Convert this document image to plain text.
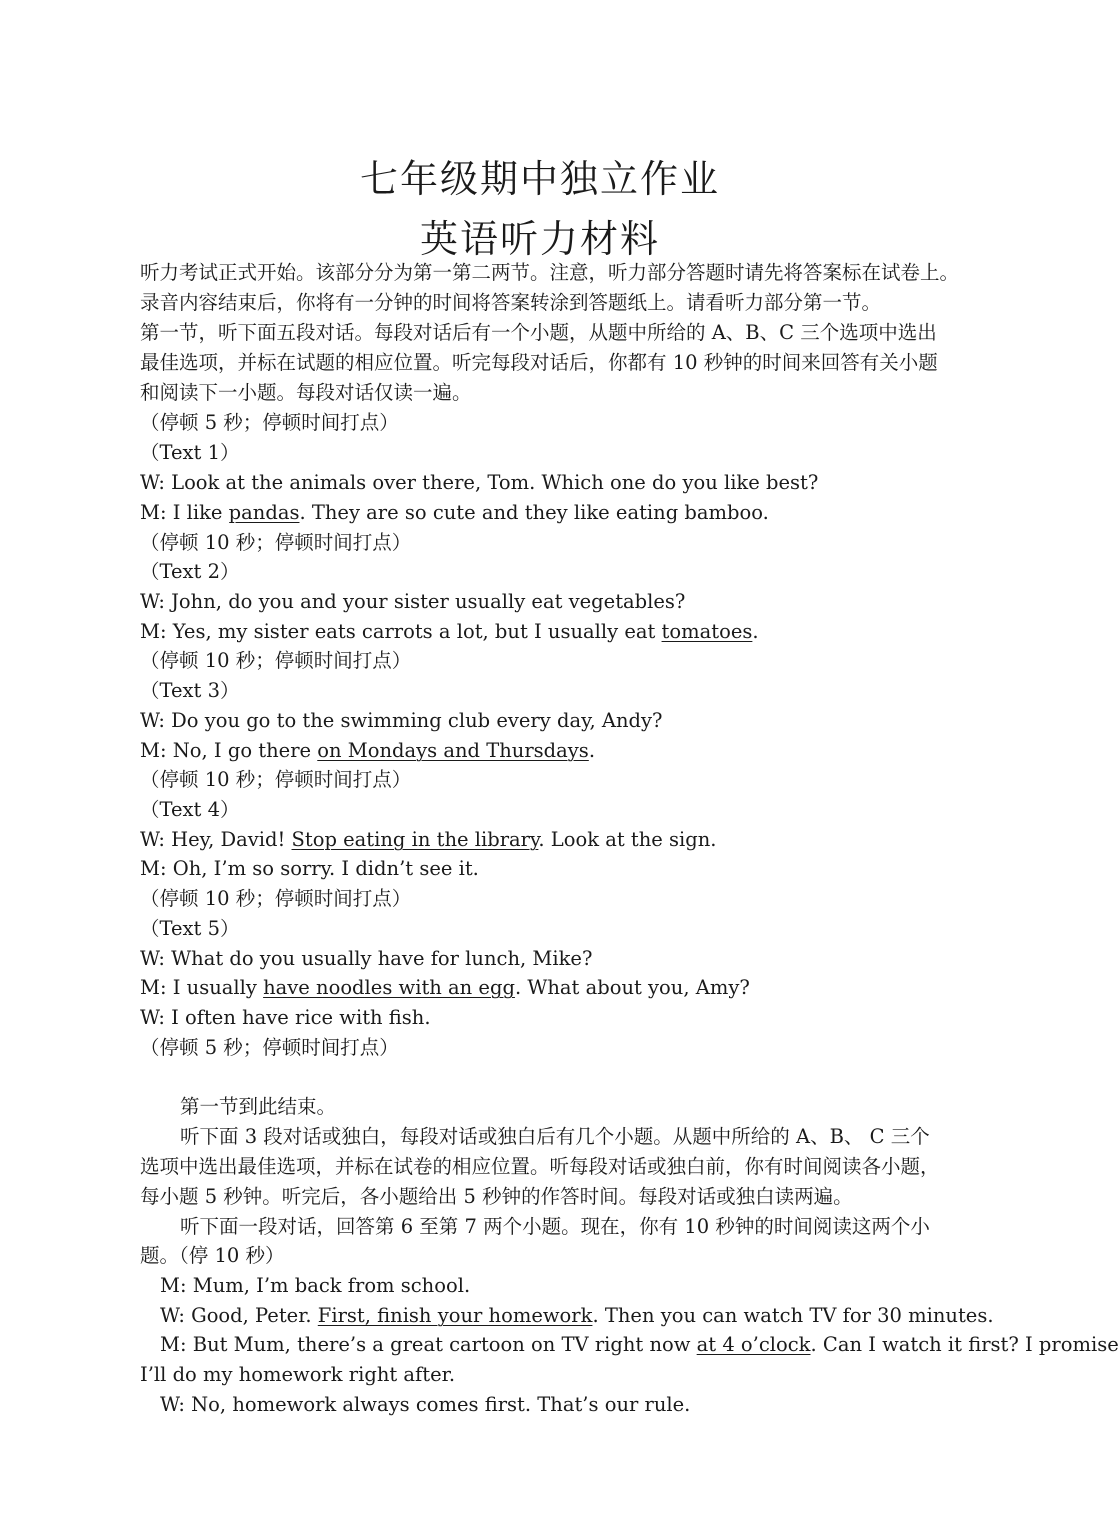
七年级期中独立作业
英语听力材料
听力考试正式开始。该部分分为第一第二两节。注意，听力部分答题时请先将答案标在试卷上。
录音内容结束后，你将有一分钟的时间将答案转涂到答题纸上。请看听力部分第一节。
第一节，听下面五段对话。每段对话后有一个小题，从题中所给的 A、B、C 三个选项中选出
最佳选项，并标在试题的相应位置。听完每段对话后，你都有 10 秒钟的时间来回答有关小题
和阅读下一小题。每段对话仅读一遍。
（停顿 5 秒；停顿时间打点）
（Text 1）
W: Look at the animals over there, Tom. Which one do you like best?
M: I like pandas. They are so cute and they like eating bamboo.
（停顿 10 秒；停顿时间打点）
（Text 2）
W: John, do you and your sister usually eat vegetables?
M: Yes, my sister eats carrots a lot, but I usually eat tomatoes.
（停顿 10 秒；停顿时间打点）
（Text 3）
W: Do you go to the swimming club every day, Andy?
M: No, I go there on Mondays and Thursdays.
（停顿 10 秒；停顿时间打点）
（Text 4）
W: Hey, David! Stop eating in the library. Look at the sign.
M: Oh, I’m so sorry. I didn’t see it.
（停顿 10 秒；停顿时间打点）
（Text 5）
W: What do you usually have for lunch, Mike?
M: I usually have noodles with an egg. What about you, Amy?
W: I often have rice with fish.
（停顿 5 秒；停顿时间打点）
第一节到此结束。
听下面 3 段对话或独白，每段对话或独白后有几个小题。从题中所给的 A、B、 C 三个
选项中选出最佳选项，并标在试卷的相应位置。听每段对话或独白前，你有时间阅读各小题，
每小题 5 秒钟。听完后，各小题给出 5 秒钟的作答时间。每段对话或独白读两遍。
听下面一段对话，回答第 6 至第 7 两个小题。现在，你有 10 秒钟的时间阅读这两个小
题。（停 10 秒）
M: Mum, I’m back from school.
W: Good, Peter. First, finish your homework. Then you can watch TV for 30 minutes.
M: But Mum, there’s a great cartoon on TV right now at 4 o’clock. Can I watch it first? I promise
I’ll do my homework right after.
W: No, homework always comes first. That’s our rule.
